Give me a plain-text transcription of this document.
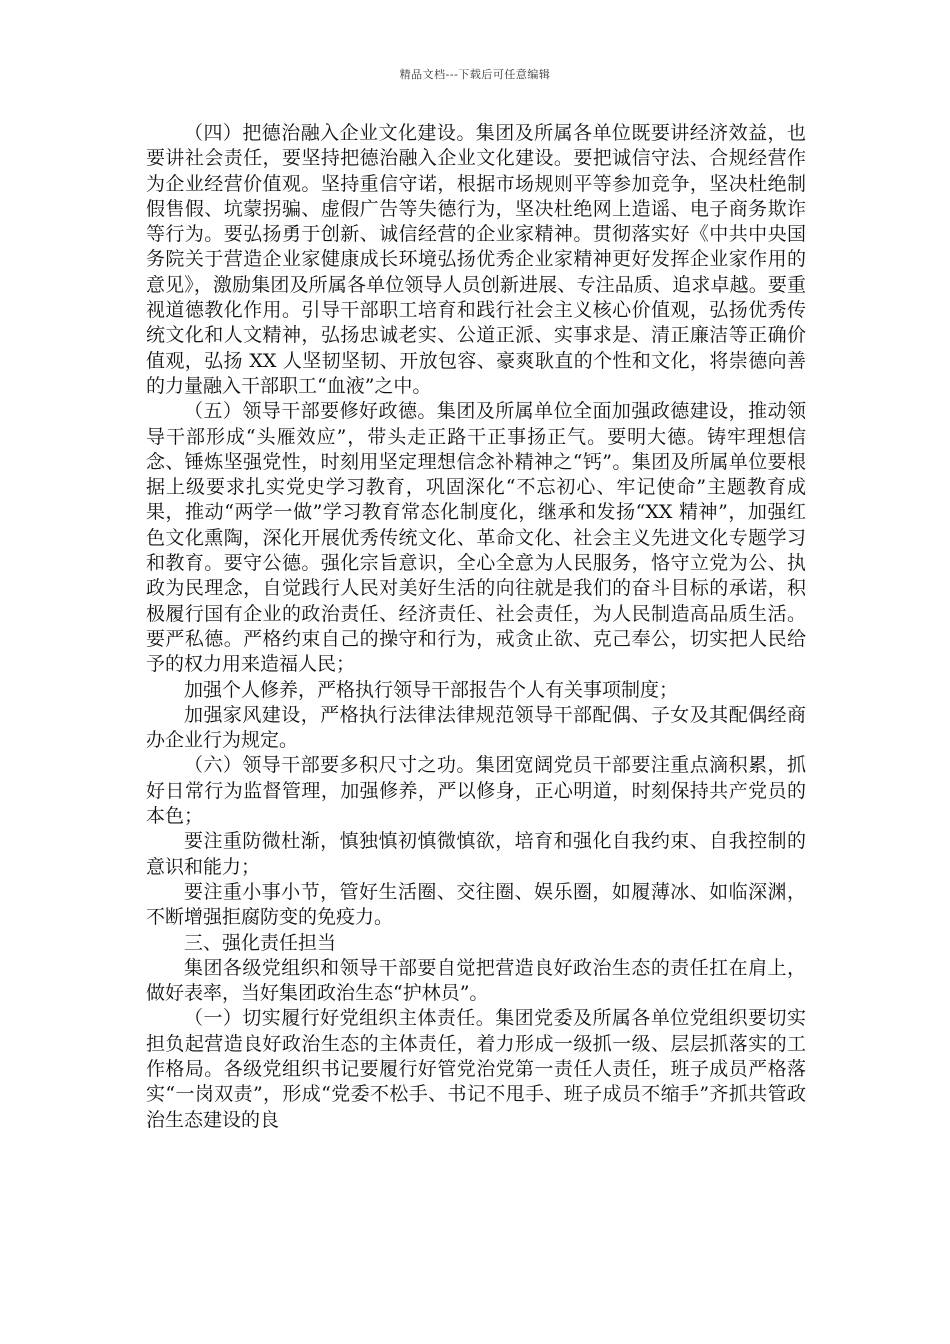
精品文档---下载后可任意编辑

（四）把德治融入企业文化建设。集团及所属各单位既要讲经济效益，也要讲社会责任，要坚持把德治融入企业文化建设。要把诚信守法、合规经营作为企业经营价值观。坚持重信守诺，根据市场规则平等参加竞争，坚决杜绝制假售假、坑蒙拐骗、虚假广告等失德行为，坚决杜绝网上造谣、电子商务欺诈等行为。要弘扬勇于创新、诚信经营的企业家精神。贯彻落实好《中共中央国务院关于营造企业家健康成长环境弘扬优秀企业家精神更好发挥企业家作用的意见》，激励集团及所属各单位领导人员创新进展、专注品质、追求卓越。要重视道德教化作用。引导干部职工培育和践行社会主义核心价值观，弘扬优秀传统文化和人文精神，弘扬忠诚老实、公道正派、实事求是、清正廉洁等正确价值观，弘扬 XX 人坚韧坚韧、开放包容、豪爽耿直的个性和文化，将崇德向善的力量融入干部职工“血液”之中。

（五）领导干部要修好政德。集团及所属单位全面加强政德建设，推动领导干部形成“头雁效应”，带头走正路干正事扬正气。要明大德。铸牢理想信念、锤炼坚强党性，时刻用坚定理想信念补精神之“钙”。集团及所属单位要根据上级要求扎实党史学习教育，巩固深化“不忘初心、牢记使命”主题教育成果，推动“两学一做”学习教育常态化制度化，继承和发扬“XX 精神”，加强红色文化熏陶，深化开展优秀传统文化、革命文化、社会主义先进文化专题学习和教育。要守公德。强化宗旨意识，全心全意为人民服务，恪守立党为公、执政为民理念，自觉践行人民对美好生活的向往就是我们的奋斗目标的承诺，积极履行国有企业的政治责任、经济责任、社会责任，为人民制造高品质生活。要严私德。严格约束自己的操守和行为，戒贪止欲、克己奉公，切实把人民给予的权力用来造福人民；

加强个人修养，严格执行领导干部报告个人有关事项制度；

加强家风建设，严格执行法律法律规范领导干部配偶、子女及其配偶经商办企业行为规定。

（六）领导干部要多积尺寸之功。集团宽阔党员干部要注重点滴积累，抓好日常行为监督管理，加强修养，严以修身，正心明道，时刻保持共产党员的本色；

要注重防微杜渐，慎独慎初慎微慎欲，培育和强化自我约束、自我控制的意识和能力；

要注重小事小节，管好生活圈、交往圈、娱乐圈，如履薄冰、如临深渊，不断增强拒腐防变的免疫力。

三、强化责任担当

集团各级党组织和领导干部要自觉把营造良好政治生态的责任扛在肩上，做好表率，当好集团政治生态“护林员”。

（一）切实履行好党组织主体责任。集团党委及所属各单位党组织要切实担负起营造良好政治生态的主体责任，着力形成一级抓一级、层层抓落实的工作格局。各级党组织书记要履行好管党治党第一责任人责任，班子成员严格落实“一岗双责”，形成“党委不松手、书记不甩手、班子成员不缩手”齐抓共管政治生态建设的良
